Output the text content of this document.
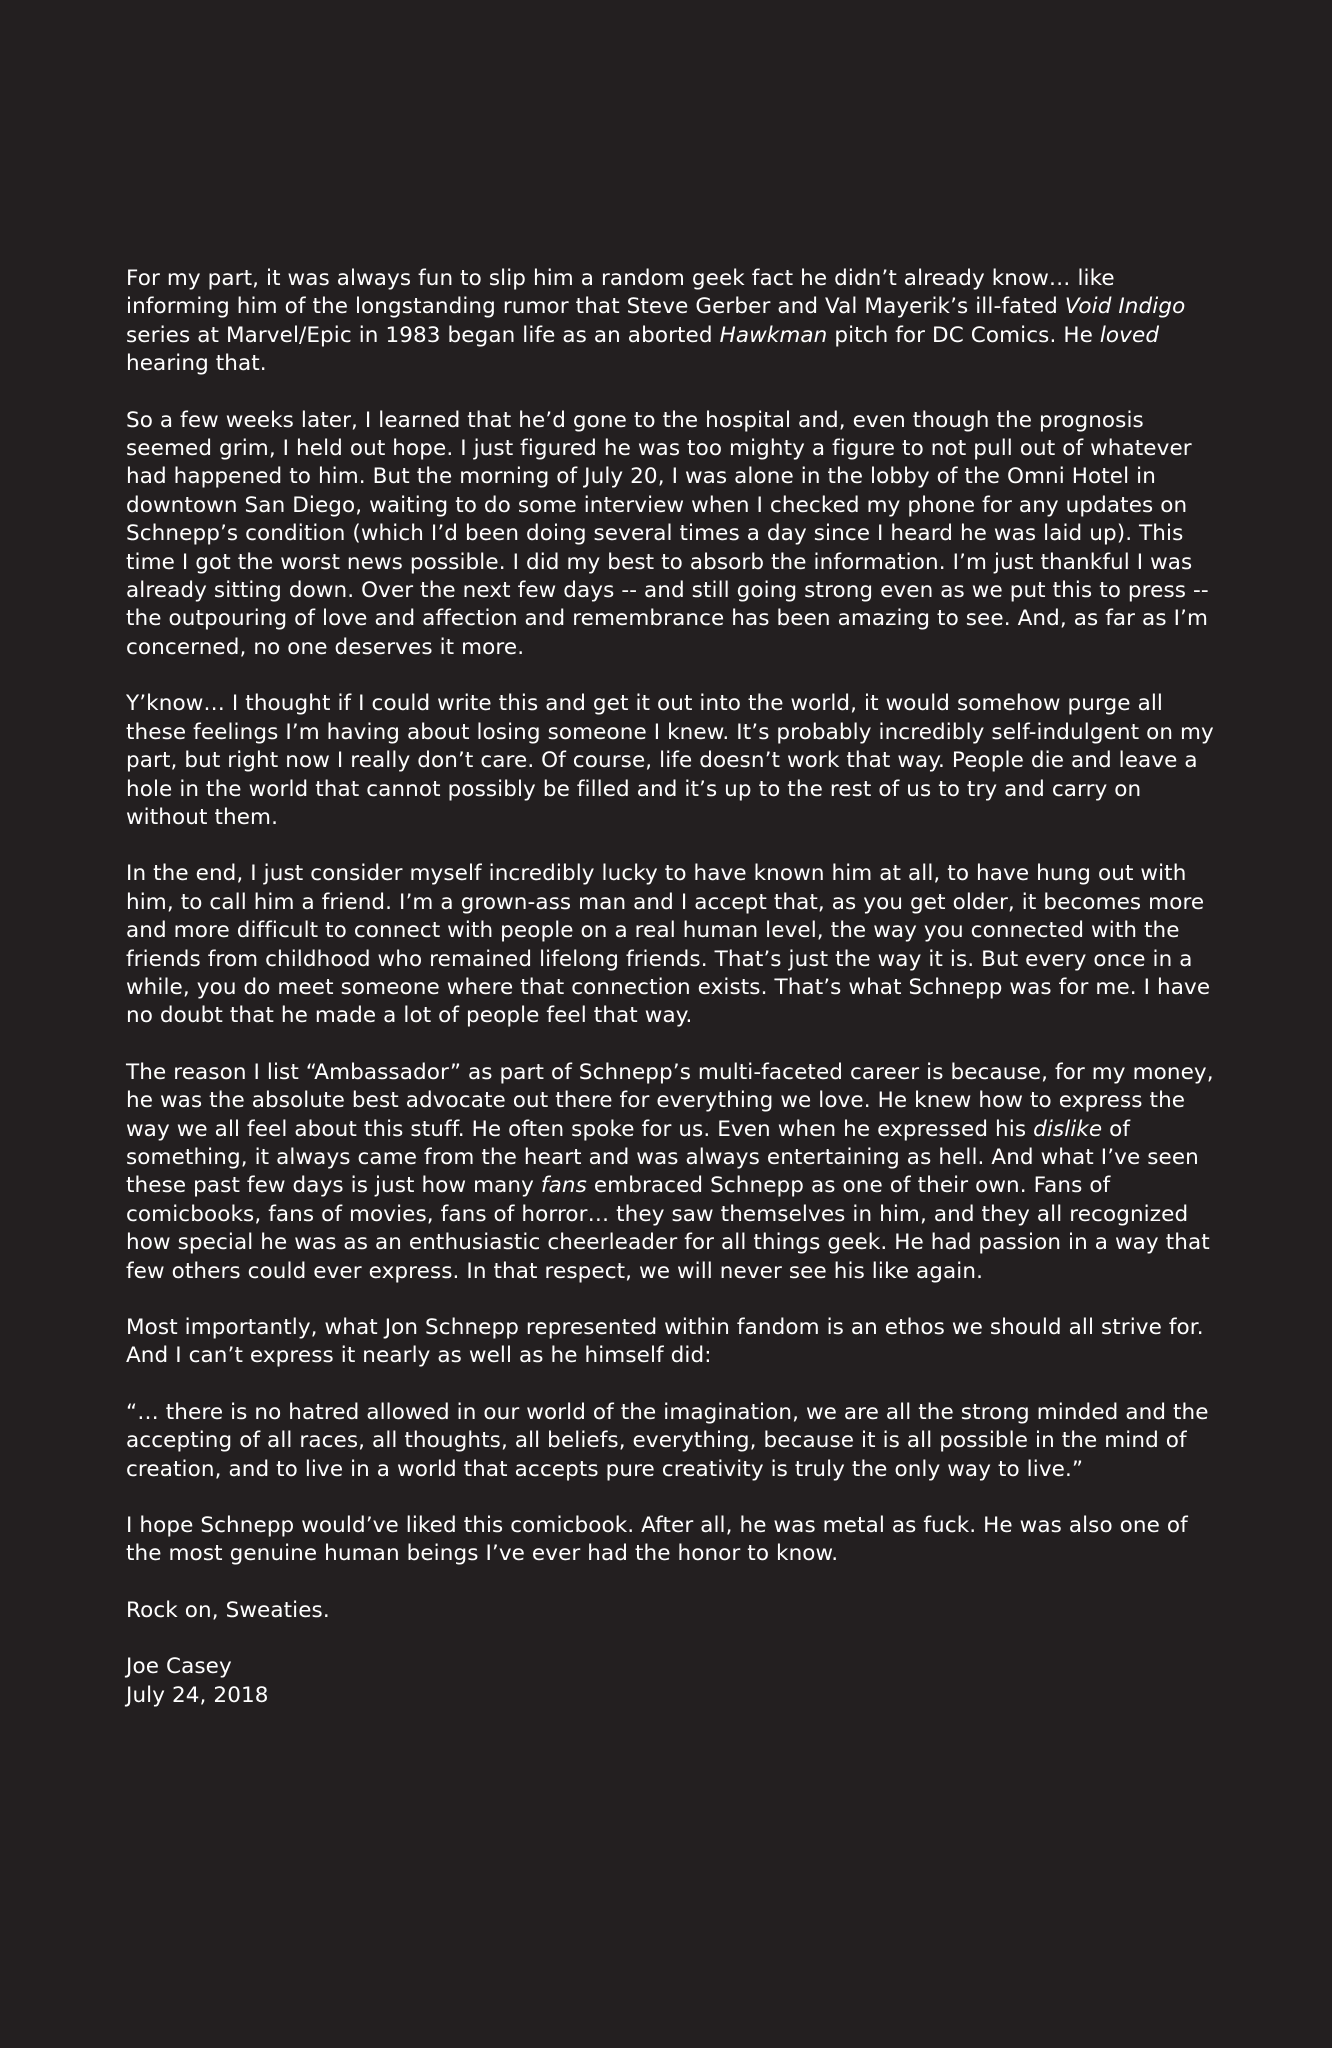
For my part, it was always fun to slip him a random geek fact he didn’t already know… like informing him of the longstanding rumor that Steve Gerber and Val Mayerik’s ill-fated Void Indigo series at Marvel/Epic in 1983 began life as an aborted Hawkman pitch for DC Comics. He loved hearing that.

So a few weeks later, I learned that he’d gone to the hospital and, even though the prognosis seemed grim, I held out hope. I just figured he was too mighty a figure to not pull out of whatever had happened to him. But the morning of July 20, I was alone in the lobby of the Omni Hotel in downtown San Diego, waiting to do some interview when I checked my phone for any updates on Schnepp’s condition (which I’d been doing several times a day since I heard he was laid up). This time I got the worst news possible. I did my best to absorb the information. I’m just thankful I was already sitting down. Over the next few days -- and still going strong even as we put this to press -- the outpouring of love and affection and remembrance has been amazing to see. And, as far as I’m concerned, no one deserves it more.

Y’know… I thought if I could write this and get it out into the world, it would somehow purge all these feelings I’m having about losing someone I knew. It’s probably incredibly self-indulgent on my part, but right now I really don’t care. Of course, life doesn’t work that way. People die and leave a hole in the world that cannot possibly be filled and it’s up to the rest of us to try and carry on without them.

In the end, I just consider myself incredibly lucky to have known him at all, to have hung out with him, to call him a friend. I’m a grown-ass man and I accept that, as you get older, it becomes more and more difficult to connect with people on a real human level, the way you connected with the friends from childhood who remained lifelong friends. That’s just the way it is. But every once in a while, you do meet someone where that connection exists. That’s what Schnepp was for me. I have no doubt that he made a lot of people feel that way.

The reason I list “Ambassador” as part of Schnepp’s multi-faceted career is because, for my money, he was the absolute best advocate out there for everything we love. He knew how to express the way we all feel about this stuff. He often spoke for us. Even when he expressed his dislike of something, it always came from the heart and was always entertaining as hell. And what I’ve seen these past few days is just how many fans embraced Schnepp as one of their own. Fans of comicbooks, fans of movies, fans of horror… they saw themselves in him, and they all recognized how special he was as an enthusiastic cheerleader for all things geek. He had passion in a way that few others could ever express. In that respect, we will never see his like again.

Most importantly, what Jon Schnepp represented within fandom is an ethos we should all strive for. And I can’t express it nearly as well as he himself did:

“… there is no hatred allowed in our world of the imagination, we are all the strong minded and the accepting of all races, all thoughts, all beliefs, everything, because it is all possible in the mind of creation, and to live in a world that accepts pure creativity is truly the only way to live.”

I hope Schnepp would’ve liked this comicbook. After all, he was metal as fuck. He was also one of the most genuine human beings I’ve ever had the honor to know.

Rock on, Sweaties.

Joe Casey

July 24, 2018
